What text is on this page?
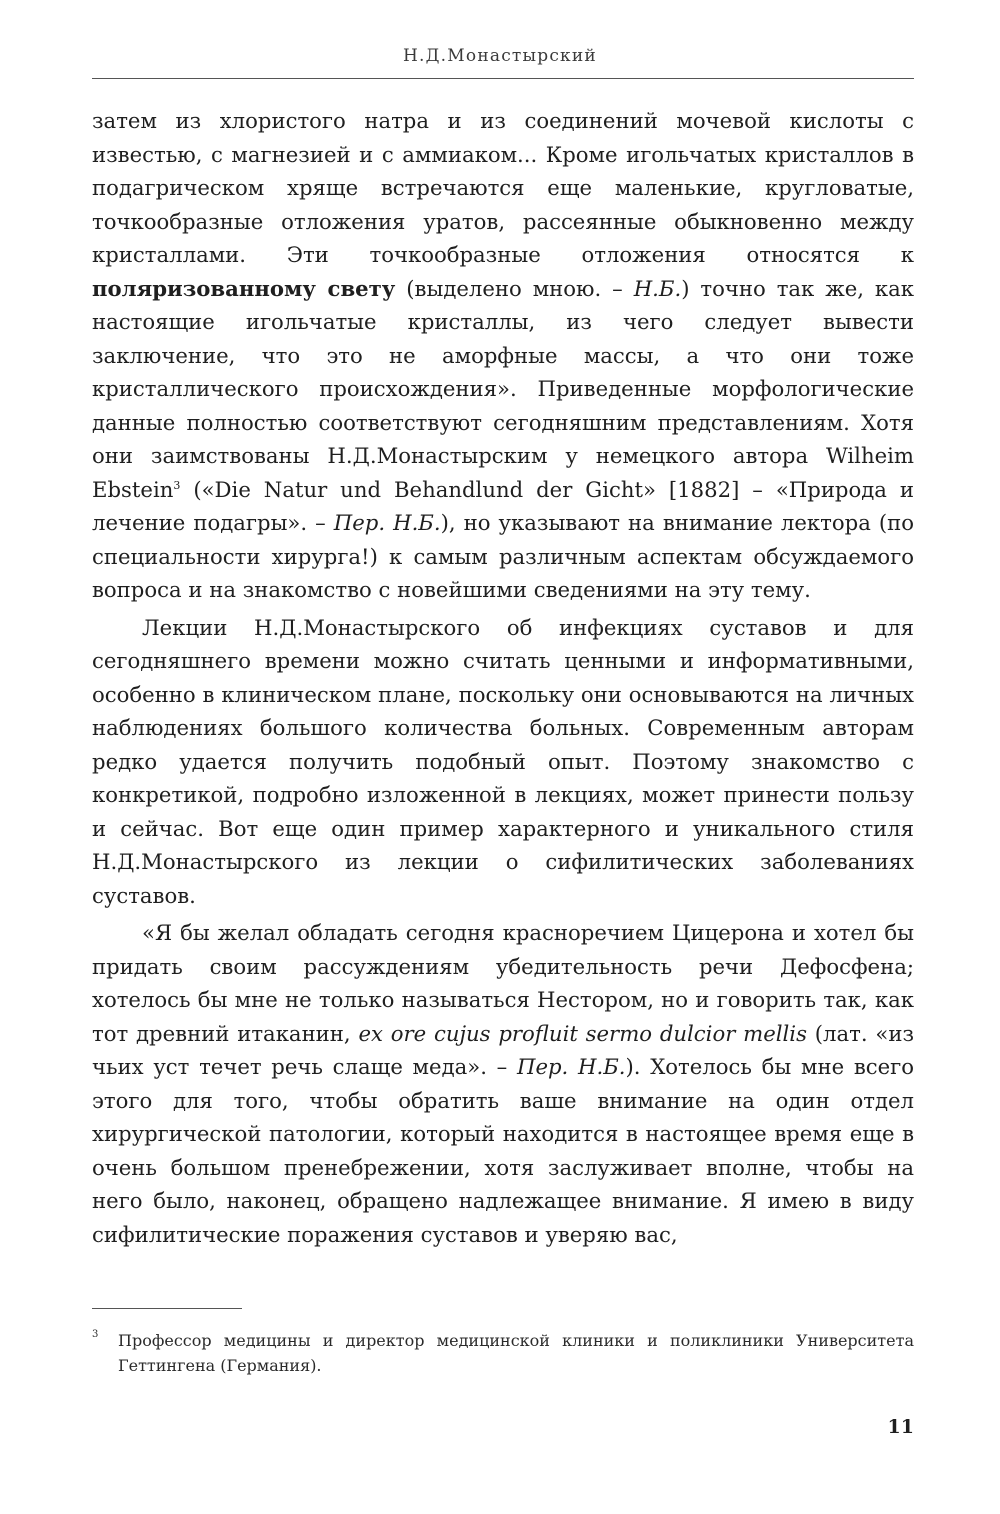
Н.Д.Монастырский

затем из хлористого натра и из соединений мочевой кислоты с известью, с магнезией и с аммиаком... Кроме игольчатых кристаллов в подагрическом хряще встречаются еще маленькие, кругловатые, точкообразные отложения уратов, рассеянные обыкновенно между кристаллами. Эти точкообразные отложения относятся к поляризованному свету (выделено мною. – Н.Б.) точно так же, как настоящие игольчатые кристаллы, из чего следует вывести заключение, что это не аморфные массы, а что они тоже кристаллического происхождения». Приведенные морфологические данные полностью соответствуют сегодняшним представлениям. Хотя они заимствованы Н.Д.Монастырским у немецкого автора Wilheim Ebstein$^3$ («Die Natur und Behandlund der Gicht» [1882] – «Природа и лечение подагры». – Пер. Н.Б.), но указывают на внимание лектора (по специальности хирурга!) к самым различным аспектам обсуждаемого вопроса и на знакомство с новейшими сведениями на эту тему.

Лекции Н.Д.Монастырского об инфекциях суставов и для сегодняшнего времени можно считать ценными и информативными, особенно в клиническом плане, поскольку они основываются на личных наблюдениях большого количества больных. Современным авторам редко удается получить подобный опыт. Поэтому знакомство с конкретикой, подробно изложенной в лекциях, может принести пользу и сейчас. Вот еще один пример характерного и уникального стиля Н.Д.Монастырского из лекции о сифилитических заболеваниях суставов.

«Я бы желал обладать сегодня красноречием Цицерона и хотел бы придать своим рассуждениям убедительность речи Дефосфена; хотелось бы мне не только называться Нестором, но и говорить так, как тот древний итаканин, ex ore cujus profluit sermo dulcior mellis (лат. «из чьих уст течет речь слаще меда». – Пер. Н.Б.). Хотелось бы мне всего этого для того, чтобы обратить ваше внимание на один отдел хирургической патологии, который находится в настоящее время еще в очень большом пренебрежении, хотя заслуживает вполне, чтобы на него было, наконец, обращено надлежащее внимание. Я имею в виду сифилитические поражения суставов и уверяю вас,

3	Профессор медицины и директор медицинской клиники и поликлиники Университета Геттингена (Германия).
11
